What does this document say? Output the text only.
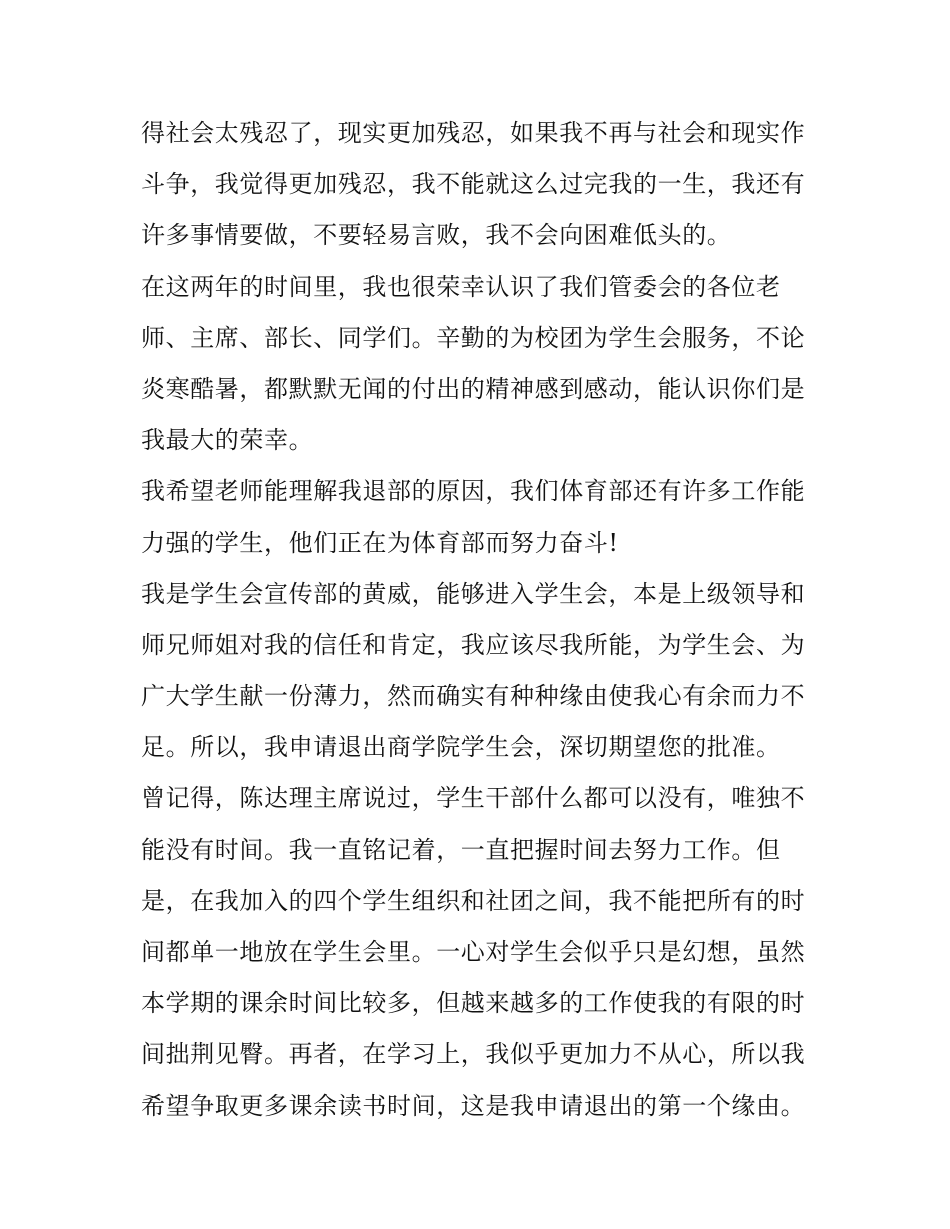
得社会太残忍了，现实更加残忍，如果我不再与社会和现实作
斗争，我觉得更加残忍，我不能就这么过完我的一生，我还有
许多事情要做，不要轻易言败，我不会向困难低头的。
在这两年的时间里，我也很荣幸认识了我们管委会的各位老
师、主席、部长、同学们。辛勤的为校团为学生会服务，不论
炎寒酷暑，都默默无闻的付出的精神感到感动，能认识你们是
我最大的荣幸。
我希望老师能理解我退部的原因，我们体育部还有许多工作能
力强的学生，他们正在为体育部而努力奋斗!
我是学生会宣传部的黄威，能够进入学生会，本是上级领导和
师兄师姐对我的信任和肯定，我应该尽我所能，为学生会、为
广大学生献一份薄力，然而确实有种种缘由使我心有余而力不
足。所以，我申请退出商学院学生会，深切期望您的批准。
曾记得，陈达理主席说过，学生干部什么都可以没有，唯独不
能没有时间。我一直铭记着，一直把握时间去努力工作。但
是，在我加入的四个学生组织和社团之间，我不能把所有的时
间都单一地放在学生会里。一心对学生会似乎只是幻想，虽然
本学期的课余时间比较多，但越来越多的工作使我的有限的时
间拙荆见臀。再者，在学习上，我似乎更加力不从心，所以我
希望争取更多课余读书时间，这是我申请退出的第一个缘由。
